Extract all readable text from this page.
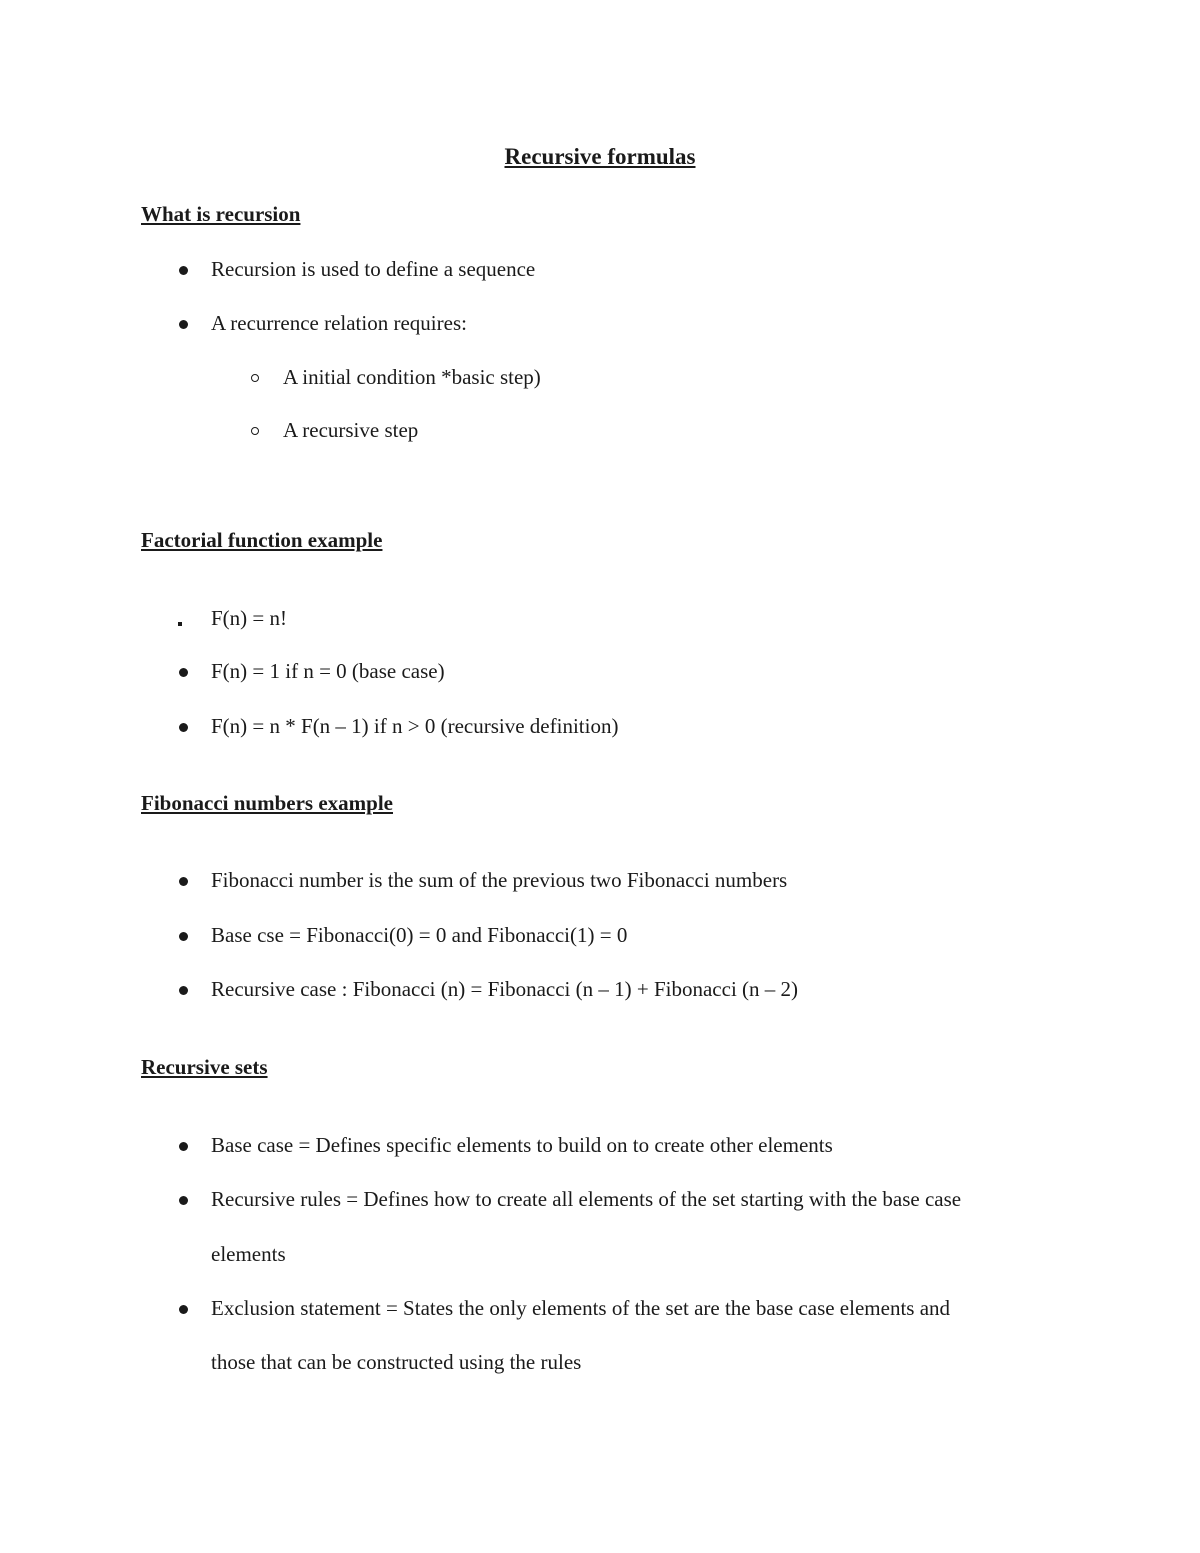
Recursive formulas
What is recursion
Recursion is used to define a sequence
A recurrence relation requires:
A initial condition *basic step)
A recursive step
Factorial function example
F(n) = n!
F(n) = 1 if n = 0 (base case)
F(n) = n * F(n – 1) if n > 0 (recursive definition)
Fibonacci numbers example
Fibonacci number is the sum of the previous two Fibonacci numbers
Base cse = Fibonacci(0) = 0 and Fibonacci(1) = 0
Recursive case : Fibonacci (n) = Fibonacci (n – 1) + Fibonacci (n – 2)
Recursive sets
Base case = Defines specific elements to build on to create other elements
Recursive rules = Defines how to create all elements of the set starting with the base case
elements
Exclusion statement = States the only elements of the set are the base case elements and
those that can be constructed using the rules
